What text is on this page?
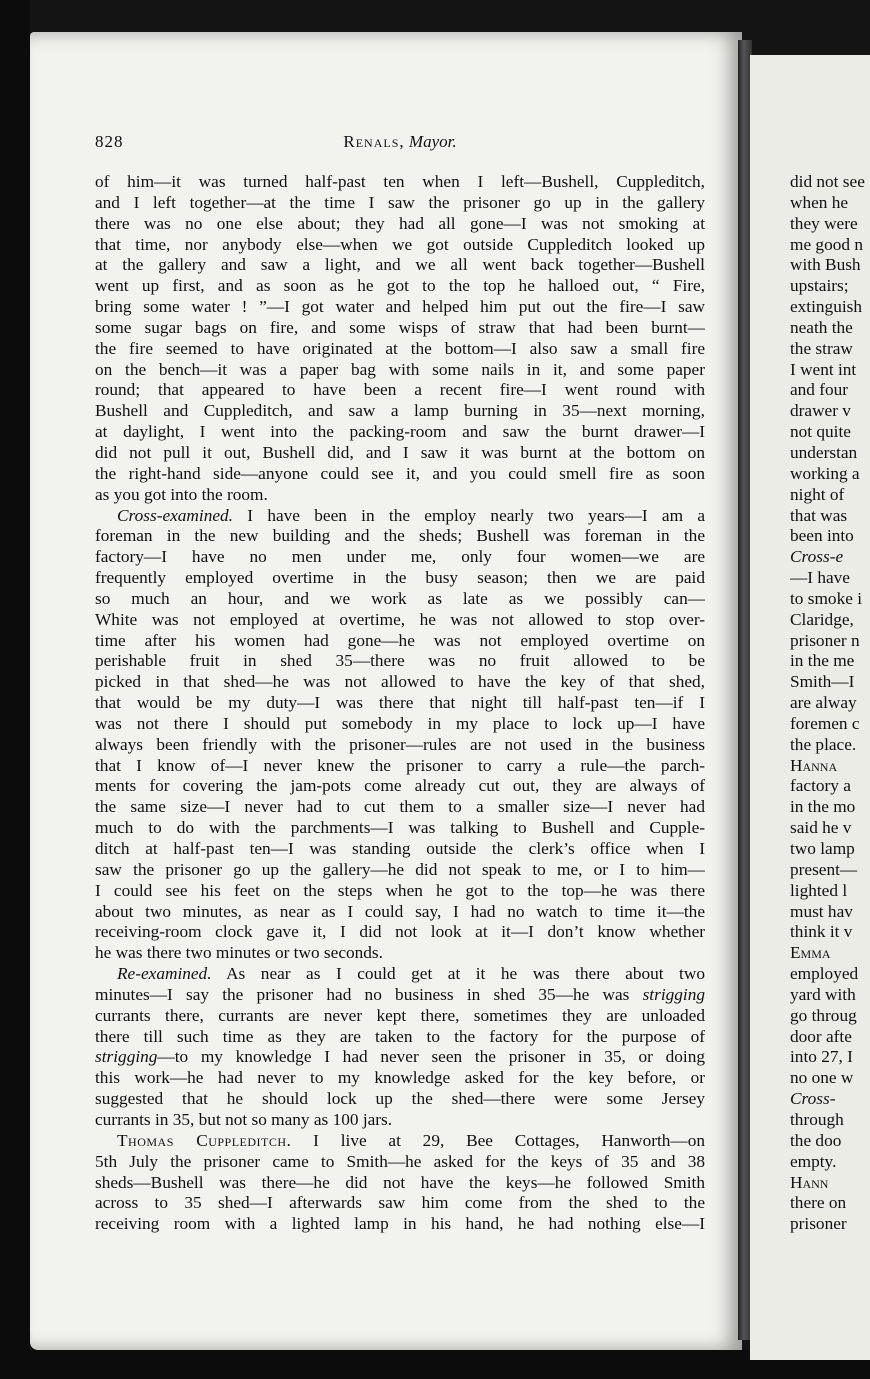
828	Renals, Mayor.
of him—it was turned half-past ten when I left—Bushell, Cuppleditch,
and I left together—at the time I saw the prisoner go up in the gallery
there was no one else about; they had all gone—I was not smoking at
that time, nor anybody else—when we got outside Cuppleditch looked up
at the gallery and saw a light, and we all went back together—Bushell
went up first, and as soon as he got to the top he halloed out, “ Fire,
bring some water ! ”—I got water and helped him put out the fire—I saw
some sugar bags on fire, and some wisps of straw that had been burnt—
the fire seemed to have originated at the bottom—I also saw a small fire
on the bench—it was a paper bag with some nails in it, and some paper
round; that appeared to have been a recent fire—I went round with
Bushell and Cuppleditch, and saw a lamp burning in 35—next morning,
at daylight, I went into the packing-room and saw the burnt drawer—I
did not pull it out, Bushell did, and I saw it was burnt at the bottom on
the right-hand side—anyone could see it, and you could smell fire as soon
as you got into the room.
Cross-examined. I have been in the employ nearly two years—I am a
foreman in the new building and the sheds; Bushell was foreman in the
factory—I have no men under me, only four women—we are
frequently employed overtime in the busy season; then we are paid
so much an hour, and we work as late as we possibly can—
White was not employed at overtime, he was not allowed to stop over-
time after his women had gone—he was not employed overtime on
perishable fruit in shed 35—there was no fruit allowed to be
picked in that shed—he was not allowed to have the key of that shed,
that would be my duty—I was there that night till half-past ten—if I
was not there I should put somebody in my place to lock up—I have
always been friendly with the prisoner—rules are not used in the business
that I know of—I never knew the prisoner to carry a rule—the parch-
ments for covering the jam-pots come already cut out, they are always of
the same size—I never had to cut them to a smaller size—I never had
much to do with the parchments—I was talking to Bushell and Cupple-
ditch at half-past ten—I was standing outside the clerk’s office when I
saw the prisoner go up the gallery—he did not speak to me, or I to him—
I could see his feet on the steps when he got to the top—he was there
about two minutes, as near as I could say, I had no watch to time it—the
receiving-room clock gave it, I did not look at it—I don’t know whether
he was there two minutes or two seconds.
Re-examined. As near as I could get at it he was there about two
minutes—I say the prisoner had no business in shed 35—he was strigging
currants there, currants are never kept there, sometimes they are unloaded
there till such time as they are taken to the factory for the purpose of
strigging—to my knowledge I had never seen the prisoner in 35, or doing
this work—he had never to my knowledge asked for the key before, or
suggested that he should lock up the shed—there were some Jersey
currants in 35, but not so many as 100 jars.
Thomas Cuppleditch. I live at 29, Bee Cottages, Hanworth—on
5th July the prisoner came to Smith—he asked for the keys of 35 and 38
sheds—Bushell was there—he did not have the keys—he followed Smith
across to 35 shed—I afterwards saw him come from the shed to the
receiving room with a lighted lamp in his hand, he had nothing else—I
did not see
when he
they were
me good n
with Bush
upstairs;
extinguish
neath the
the straw
I went int
and four
drawer v
not quite
understan
working a
night of
that was
been into
Cross-e
—I have
to smoke i
Claridge,
prisoner n
in the me
Smith—I
are alway
foremen c
the place.
Hanna
factory a
in the mo
said he v
two lamp
present—
lighted l
must hav
think it v
Emma
employed
yard with
go throug
door afte
into 27, I
no one w
Cross-
through
the doo
empty.
Hann
there on
prisoner
